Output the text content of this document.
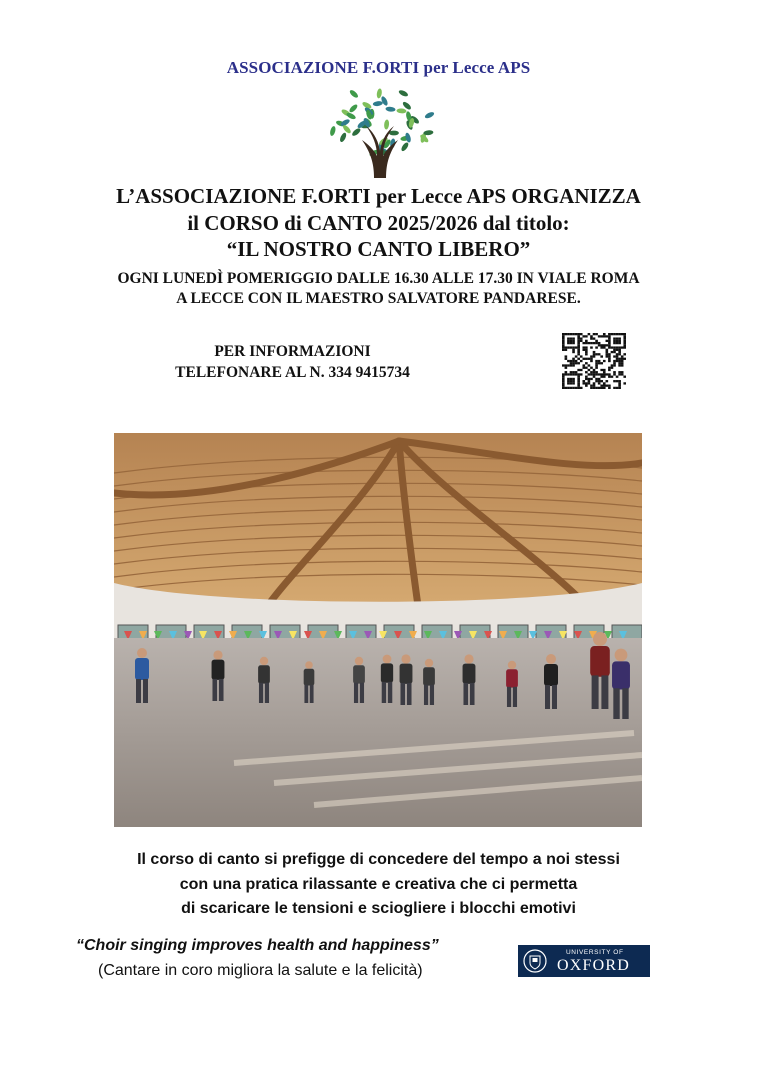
ASSOCIAZIONE F.ORTI per Lecce APS
L’ASSOCIAZIONE F.ORTI per Lecce APS ORGANIZZA
il CORSO di CANTO 2025/2026 dal titolo:
“IL NOSTRO CANTO LIBERO”
OGNI LUNEDÌ POMERIGGIO DALLE 16.30 ALLE 17.30 IN VIALE ROMA
A LECCE CON IL MAESTRO SALVATORE PANDARESE.
PER INFORMAZIONI
TELEFONARE AL N. 334 9415734
Il corso di canto si prefigge di concedere del tempo a noi stessi
con una pratica rilassante e creativa che ci permetta
di scaricare le tensioni e sciogliere i blocchi emotivi
“Choir singing improves health and happiness”
(Cantare in coro migliora la salute e la felicità)
UNIVERSITY OF
OXFORD
